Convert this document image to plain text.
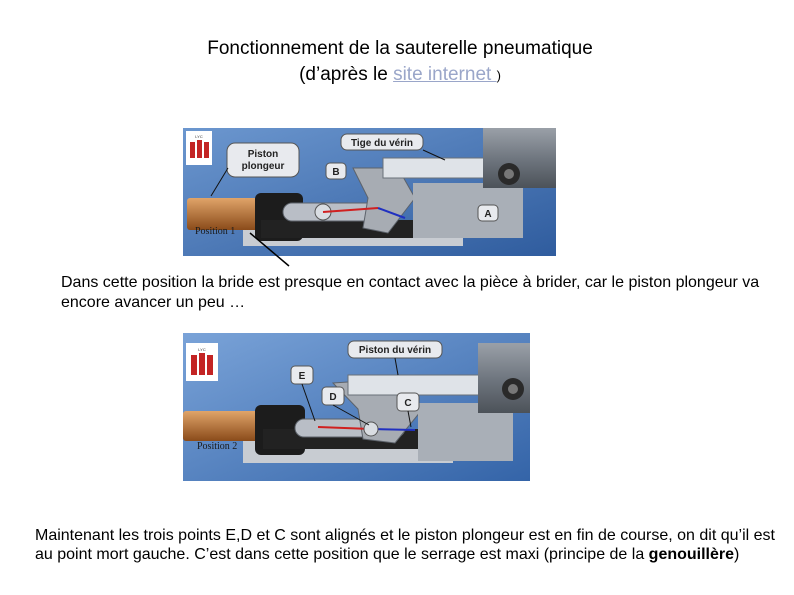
Fonctionnement de la sauterelle pneumatique
(d’après le site internet )
LYC
Piston
plongeur
Tige du vérin
B
A
Position 1
Dans cette position la bride est presque en contact avec la pièce à brider, car le piston plongeur va encore avancer un peu …
LYC	Piston du vérin
E
D
C
Position 2
Maintenant les trois points E,D et C sont alignés et le piston plongeur est en fin de course, on dit qu’il est au point mort gauche. C’est dans cette position que le serrage est maxi (principe de la genouillère)
